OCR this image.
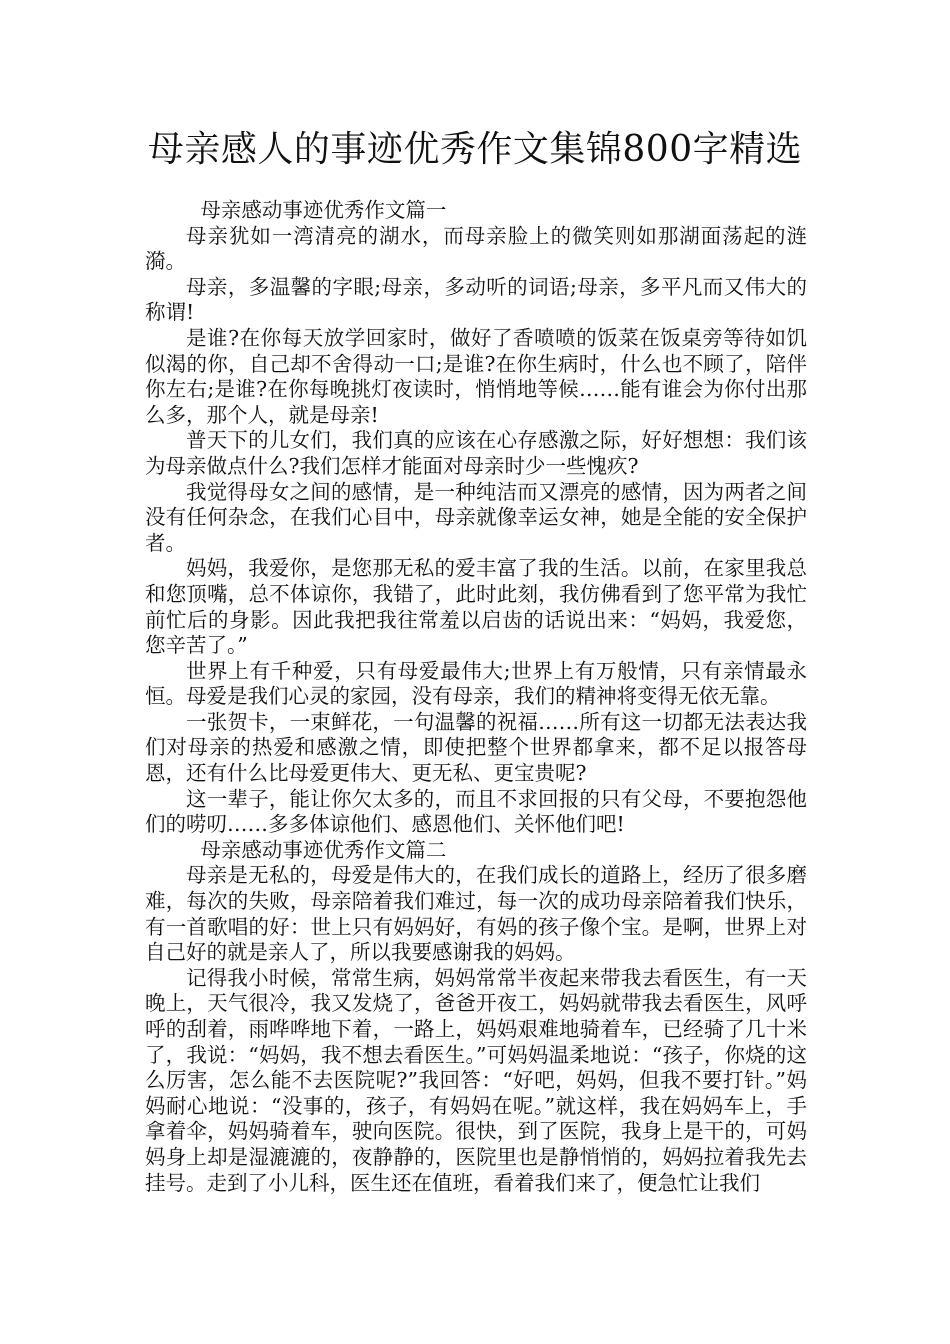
母亲感人的事迹优秀作文集锦800字精选

母亲感动事迹优秀作文篇一

母亲犹如一湾清亮的湖水，而母亲脸上的微笑则如那湖面荡起的涟漪。

母亲，多温馨的字眼;母亲，多动听的词语;母亲，多平凡而又伟大的称谓!

是谁?在你每天放学回家时，做好了香喷喷的饭菜在饭桌旁等待如饥似渴的你，自己却不舍得动一口;是谁?在你生病时，什么也不顾了，陪伴你左右;是谁?在你每晚挑灯夜读时，悄悄地等候……能有谁会为你付出那么多，那个人，就是母亲!

普天下的儿女们，我们真的应该在心存感激之际，好好想想：我们该为母亲做点什么?我们怎样才能面对母亲时少一些愧疚?

我觉得母女之间的感情，是一种纯洁而又漂亮的感情，因为两者之间没有任何杂念，在我们心目中，母亲就像幸运女神，她是全能的安全保护者。

妈妈，我爱你，是您那无私的爱丰富了我的生活。以前，在家里我总和您顶嘴，总不体谅你，我错了，此时此刻，我仿佛看到了您平常为我忙前忙后的身影。因此我把我往常羞以启齿的话说出来：“妈妈，我爱您，您辛苦了。”

世界上有千种爱，只有母爱最伟大;世界上有万般情，只有亲情最永恒。母爱是我们心灵的家园，没有母亲，我们的精神将变得无依无靠。

一张贺卡，一束鲜花，一句温馨的祝福……所有这一切都无法表达我们对母亲的热爱和感激之情，即使把整个世界都拿来，都不足以报答母恩，还有什么比母爱更伟大、更无私、更宝贵呢?

这一辈子，能让你欠太多的，而且不求回报的只有父母，不要抱怨他们的唠叨……多多体谅他们、感恩他们、关怀他们吧!

母亲感动事迹优秀作文篇二

母亲是无私的，母爱是伟大的，在我们成长的道路上，经历了很多磨难，每次的失败，母亲陪着我们难过，每一次的成功母亲陪着我们快乐，有一首歌唱的好：世上只有妈妈好，有妈的孩子像个宝。是啊，世界上对自己好的就是亲人了，所以我要感谢我的妈妈。

记得我小时候，常常生病，妈妈常常半夜起来带我去看医生，有一天晚上，天气很冷，我又发烧了，爸爸开夜工，妈妈就带我去看医生，风呼呼的刮着，雨哗哗地下着，一路上，妈妈艰难地骑着车，已经骑了几十米了，我说：“妈妈，我不想去看医生。”可妈妈温柔地说：“孩子，你烧的这么厉害，怎么能不去医院呢?”我回答：“好吧，妈妈，但我不要打针。”妈妈耐心地说：“没事的，孩子，有妈妈在呢。”就这样，我在妈妈车上，手拿着伞，妈妈骑着车，驶向医院。很快，到了医院，我身上是干的，可妈妈身上却是湿漉漉的，夜静静的，医院里也是静悄悄的，妈妈拉着我先去挂号。走到了小儿科，医生还在值班，看着我们来了，便急忙让我们
